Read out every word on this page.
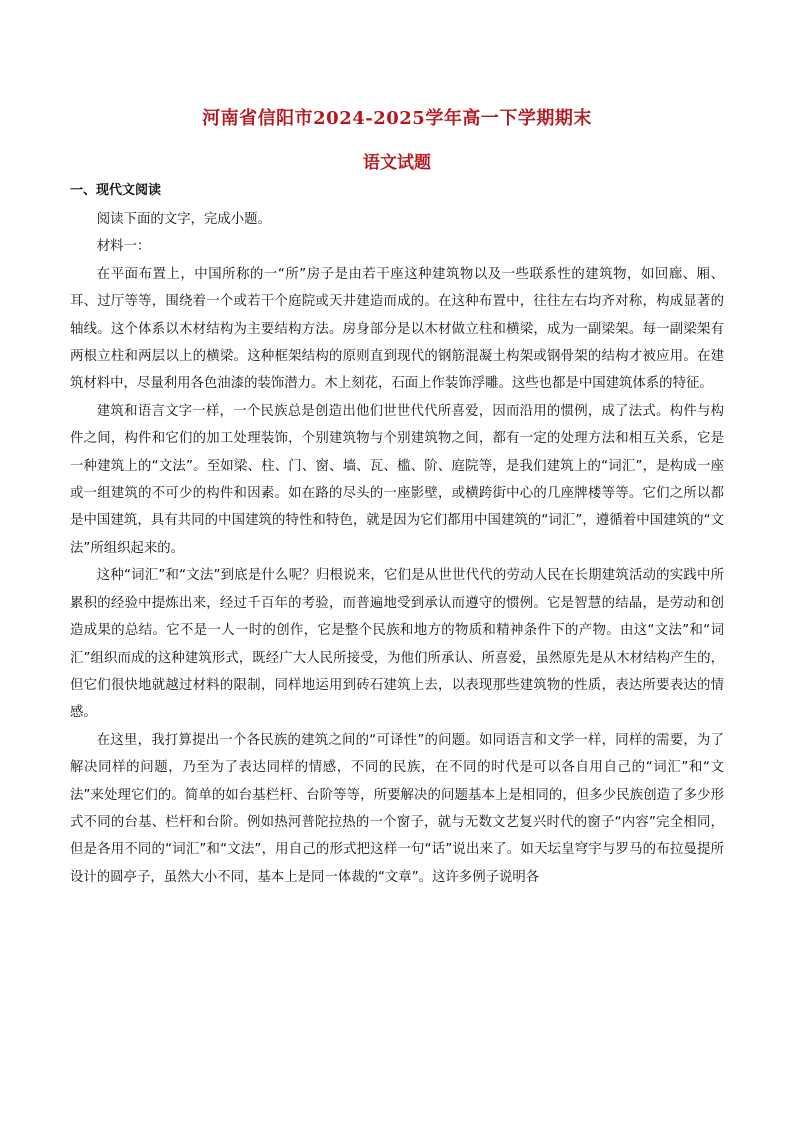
河南省信阳市2024-2025学年高一下学期期末
语文试题
一、现代文阅读

阅读下面的文字，完成小题。

材料一：

在平面布置上，中国所称的一“所”房子是由若干座这种建筑物以及一些联系性的建筑物，如回廊、厢、耳、过厅等等，围绕着一个或若干个庭院或天井建造而成的。在这种布置中，往往左右均齐对称，构成显著的轴线。这个体系以木材结构为主要结构方法。房身部分是以木材做立柱和横梁，成为一副梁架。每一副梁架有两根立柱和两层以上的横梁。这种框架结构的原则直到现代的钢筋混凝土构架或钢骨架的结构才被应用。在建筑材料中，尽量利用各色油漆的装饰潜力。木上刻花，石面上作装饰浮雕。这些也都是中国建筑体系的特征。

建筑和语言文字一样，一个民族总是创造出他们世世代代所喜爱，因而沿用的惯例，成了法式。构件与构件之间，构件和它们的加工处理装饰，个别建筑物与个别建筑物之间，都有一定的处理方法和相互关系，它是一种建筑上的“文法”。至如梁、柱、门、窗、墙、瓦、槛、阶、庭院等，是我们建筑上的“词汇”，是构成一座或一组建筑的不可少的构件和因素。如在路的尽头的一座影壁，或横跨街中心的几座牌楼等等。它们之所以都是中国建筑，具有共同的中国建筑的特性和特色，就是因为它们都用中国建筑的“词汇”，遵循着中国建筑的“文法”所组织起来的。

这种“词汇”和“文法”到底是什么呢？归根说来，它们是从世世代代的劳动人民在长期建筑活动的实践中所累积的经验中提炼出来，经过千百年的考验，而普遍地受到承认而遵守的惯例。它是智慧的结晶，是劳动和创造成果的总结。它不是一人一时的创作，它是整个民族和地方的物质和精神条件下的产物。由这“文法”和“词汇”组织而成的这种建筑形式，既经广大人民所接受，为他们所承认、所喜爱，虽然原先是从木材结构产生的，但它们很快地就越过材料的限制，同样地运用到砖石建筑上去，以表现那些建筑物的性质，表达所要表达的情感。

在这里，我打算提出一个各民族的建筑之间的“可译性”的问题。如同语言和文学一样，同样的需要，为了解决同样的问题，乃至为了表达同样的情感，不同的民族，在不同的时代是可以各自用自己的“词汇”和“文法”来处理它们的。简单的如台基栏杆、台阶等等，所要解决的问题基本上是相同的，但多少民族创造了多少形式不同的台基、栏杆和台阶。例如热河普陀拉热的一个窗子，就与无数文艺复兴时代的窗子“内容”完全相同，但是各用不同的“词汇”和“文法”，用自己的形式把这样一句“话”说出来了。如天坛皇穹宇与罗马的布拉曼提所设计的圆亭子，虽然大小不同，基本上是同一体裁的“文章”。这许多例子说明各
